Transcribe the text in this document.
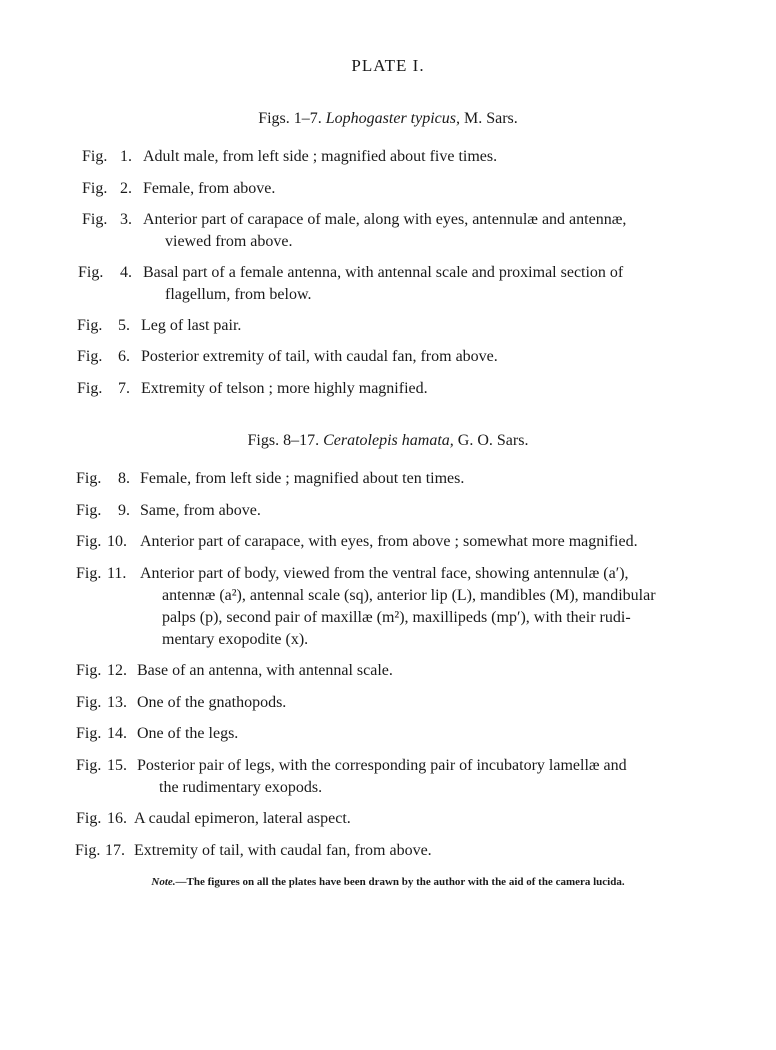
PLATE I.
Figs. 1–7. Lophogaster typicus, M. Sars.
Fig. 1. Adult male, from left side ; magnified about five times.
Fig. 2. Female, from above.
Fig. 3. Anterior part of carapace of male, along with eyes, antennulæ and antennæ,
viewed from above.
Fig. 4. Basal part of a female antenna, with antennal scale and proximal section of
flagellum, from below.
Fig. 5. Leg of last pair.
Fig. 6. Posterior extremity of tail, with caudal fan, from above.
Fig. 7. Extremity of telson ; more highly magnified.
Figs. 8–17. Ceratolepis hamata, G. O. Sars.
Fig. 8. Female, from left side ; magnified about ten times.
Fig. 9. Same, from above.
Fig. 10. Anterior part of carapace, with eyes, from above ; somewhat more magnified.
Fig. 11. Anterior part of body, viewed from the ventral face, showing antennulæ (a′),
antennæ (a²), antennal scale (sq), anterior lip (L), mandibles (M), mandibular
palps (p), second pair of maxillæ (m²), maxillipeds (mp′), with their rudi-
mentary exopodite (x).
Fig. 12. Base of an antenna, with antennal scale.
Fig. 13. One of the gnathopods.
Fig. 14. One of the legs.
Fig. 15. Posterior pair of legs, with the corresponding pair of incubatory lamellæ and
the rudimentary exopods.
Fig. 16. A caudal epimeron, lateral aspect.
Fig. 17. Extremity of tail, with caudal fan, from above.
Note.—The figures on all the plates have been drawn by the author with the aid of the camera lucida.
